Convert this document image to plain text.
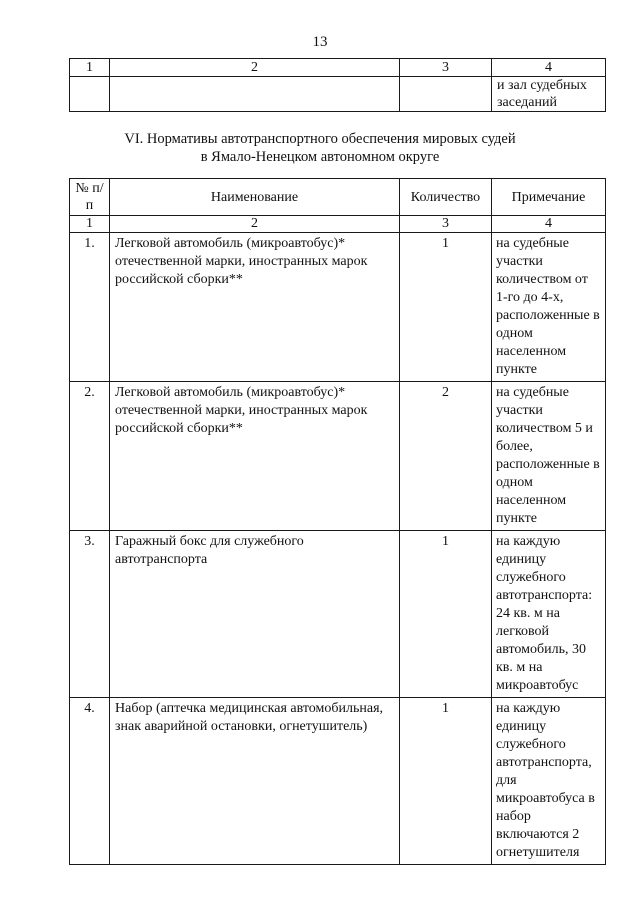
13
1	2	3	4
			и зал судебных заседаний
VI. Нормативы автотранспортного обеспечения мировых судей
в Ямало-Ненецком автономном округе
№ п/п	Наименование	Количество	Примечание
1	2	3	4
1.	Легковой автомобиль (микроавтобус)* отечественной марки, иностранных марок российской сборки**	1	на судебные участки количеством от 1-го до 4-х, расположенные в одном населенном пункте
2.	Легковой автомобиль (микроавтобус)* отечественной марки, иностранных марок российской сборки**	2	на судебные участки количеством 5 и более, расположенные в одном населенном пункте
3.	Гаражный бокс для служебного автотранспорта	1	на каждую единицу служебного автотранспорта: 24 кв. м на легковой автомобиль, 30 кв. м на микроавтобус
4.	Набор (аптечка медицинская автомобильная, знак аварийной остановки, огнетушитель)	1	на каждую единицу служебного автотранспорта, для микроавтобуса в набор включаются 2 огнетушителя
